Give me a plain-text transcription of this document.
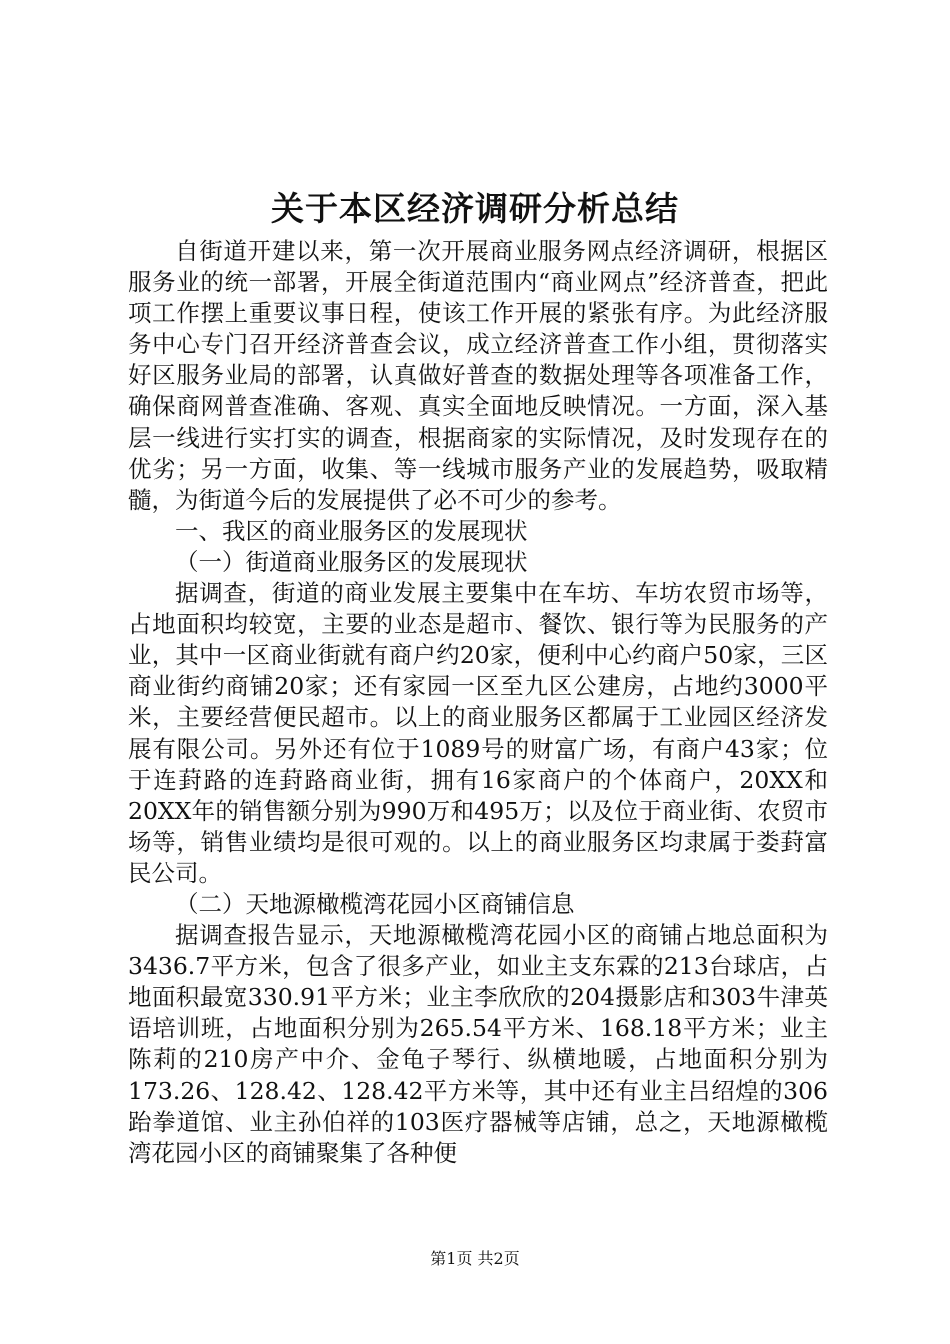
关于本区经济调研分析总结

自街道开建以来，第一次开展商业服务网点经济调研，根据区服务业的统一部署，开展全街道范围内“商业网点”经济普查，把此项工作摆上重要议事日程，使该工作开展的紧张有序。为此经济服务中心专门召开经济普查会议，成立经济普查工作小组，贯彻落实好区服务业局的部署，认真做好普查的数据处理等各项准备工作，确保商网普查准确、客观、真实全面地反映情况。一方面，深入基层一线进行实打实的调查，根据商家的实际情况，及时发现存在的优劣；另一方面，收集、等一线城市服务产业的发展趋势，吸取精髓，为街道今后的发展提供了必不可少的参考。

一、我区的商业服务区的发展现状

（一）街道商业服务区的发展现状

据调查，街道的商业发展主要集中在车坊、车坊农贸市场等，占地面积均较宽，主要的业态是超市、餐饮、银行等为民服务的产业，其中一区商业街就有商户约20家，便利中心约商户50家，三区商业街约商铺20家；还有家园一区至九区公建房，占地约3000平米，主要经营便民超市。以上的商业服务区都属于工业园区经济发展有限公司。另外还有位于1089号的财富广场，有商户43家；位于连葑路的连葑路商业街，拥有16家商户的个体商户，20XX和20XX年的销售额分别为990万和495万；以及位于商业街、农贸市场等，销售业绩均是很可观的。以上的商业服务区均隶属于娄葑富民公司。

（二）天地源橄榄湾花园小区商铺信息

据调查报告显示，天地源橄榄湾花园小区的商铺占地总面积为3436.7平方米，包含了很多产业，如业主支东霖的213台球店，占地面积最宽330.91平方米；业主李欣欣的204摄影店和303牛津英语培训班，占地面积分别为265.54平方米、168.18平方米；业主陈莉的210房产中介、金龟子琴行、纵横地暖，占地面积分别为173.26、128.42、128.42平方米等，其中还有业主吕绍煌的306跆拳道馆、业主孙伯祥的103医疗器械等店铺，总之，天地源橄榄湾花园小区的商铺聚集了各种便

第1页 共2页
